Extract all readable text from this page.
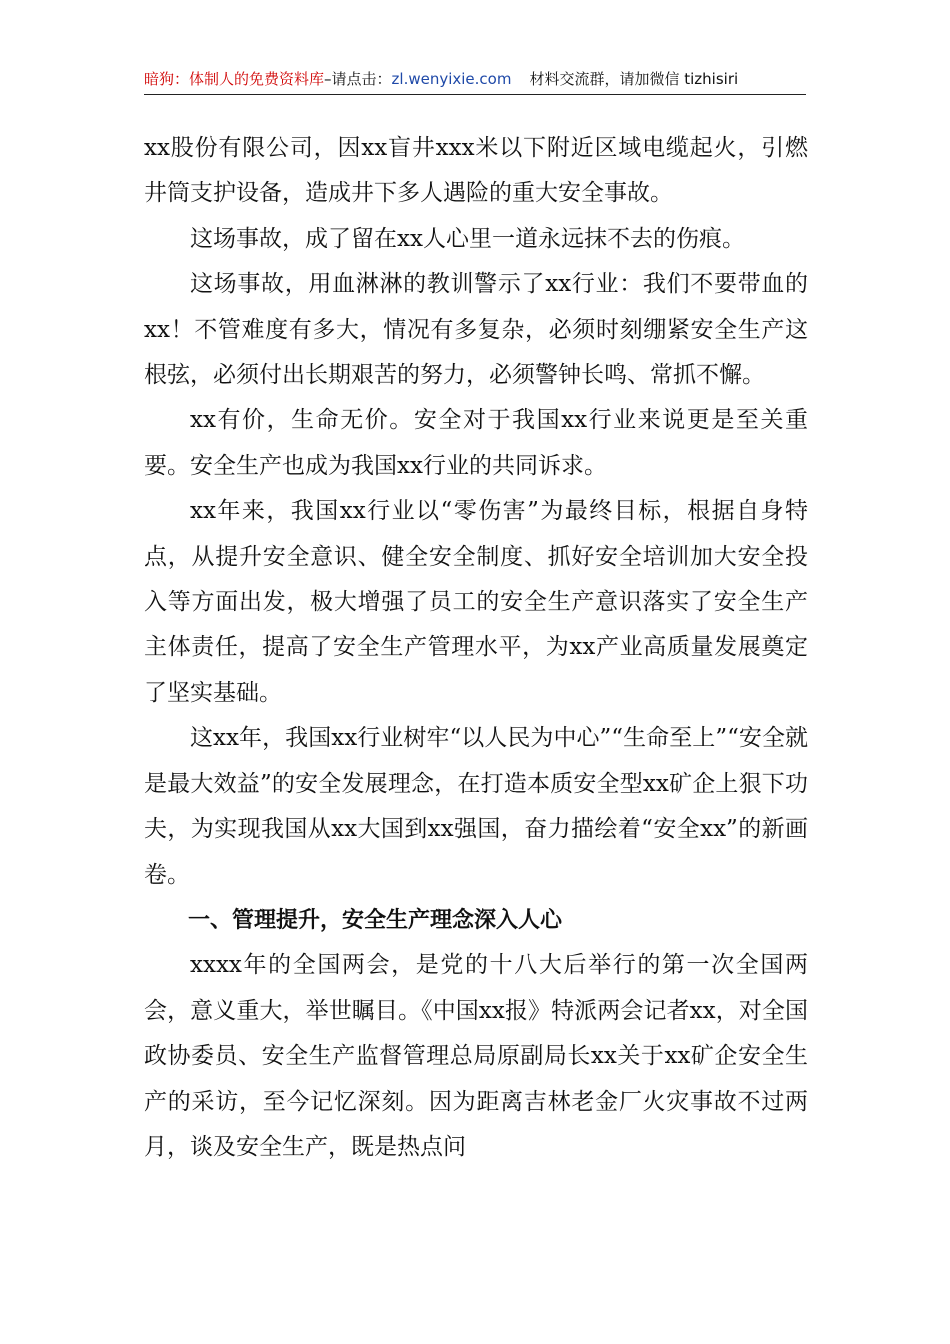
暗狗：体制人的免费资料库–请点击：zl.wenyixie.com 材料交流群，请加微信 tizhisiri

xx股份有限公司，因xx盲井xxx米以下附近区域电缆起火，引燃井筒支护设备，造成井下多人遇险的重大安全事故。

这场事故，成了留在xx人心里一道永远抹不去的伤痕。

这场事故，用血淋淋的教训警示了xx行业：我们不要带血的xx！不管难度有多大，情况有多复杂，必须时刻绷紧安全生产这根弦，必须付出长期艰苦的努力，必须警钟长鸣、常抓不懈。

xx有价，生命无价。安全对于我国xx行业来说更是至关重要。安全生产也成为我国xx行业的共同诉求。

xx年来，我国xx行业以“零伤害”为最终目标，根据自身特点，从提升安全意识、健全安全制度、抓好安全培训加大安全投入等方面出发，极大增强了员工的安全生产意识落实了安全生产主体责任，提高了安全生产管理水平，为xx产业高质量发展奠定了坚实基础。

这xx年，我国xx行业树牢“以人民为中心”“生命至上”“安全就是最大效益”的安全发展理念，在打造本质安全型xx矿企上狠下功夫，为实现我国从xx大国到xx强国，奋力描绘着“安全xx”的新画卷。

一、管理提升，安全生产理念深入人心

xxxx年的全国两会，是党的十八大后举行的第一次全国两会，意义重大，举世瞩目。《中国xx报》特派两会记者xx，对全国政协委员、安全生产监督管理总局原副局长xx关于xx矿企安全生产的采访，至今记忆深刻。因为距离吉林老金厂火灾事故不过两月，谈及安全生产，既是热点问
